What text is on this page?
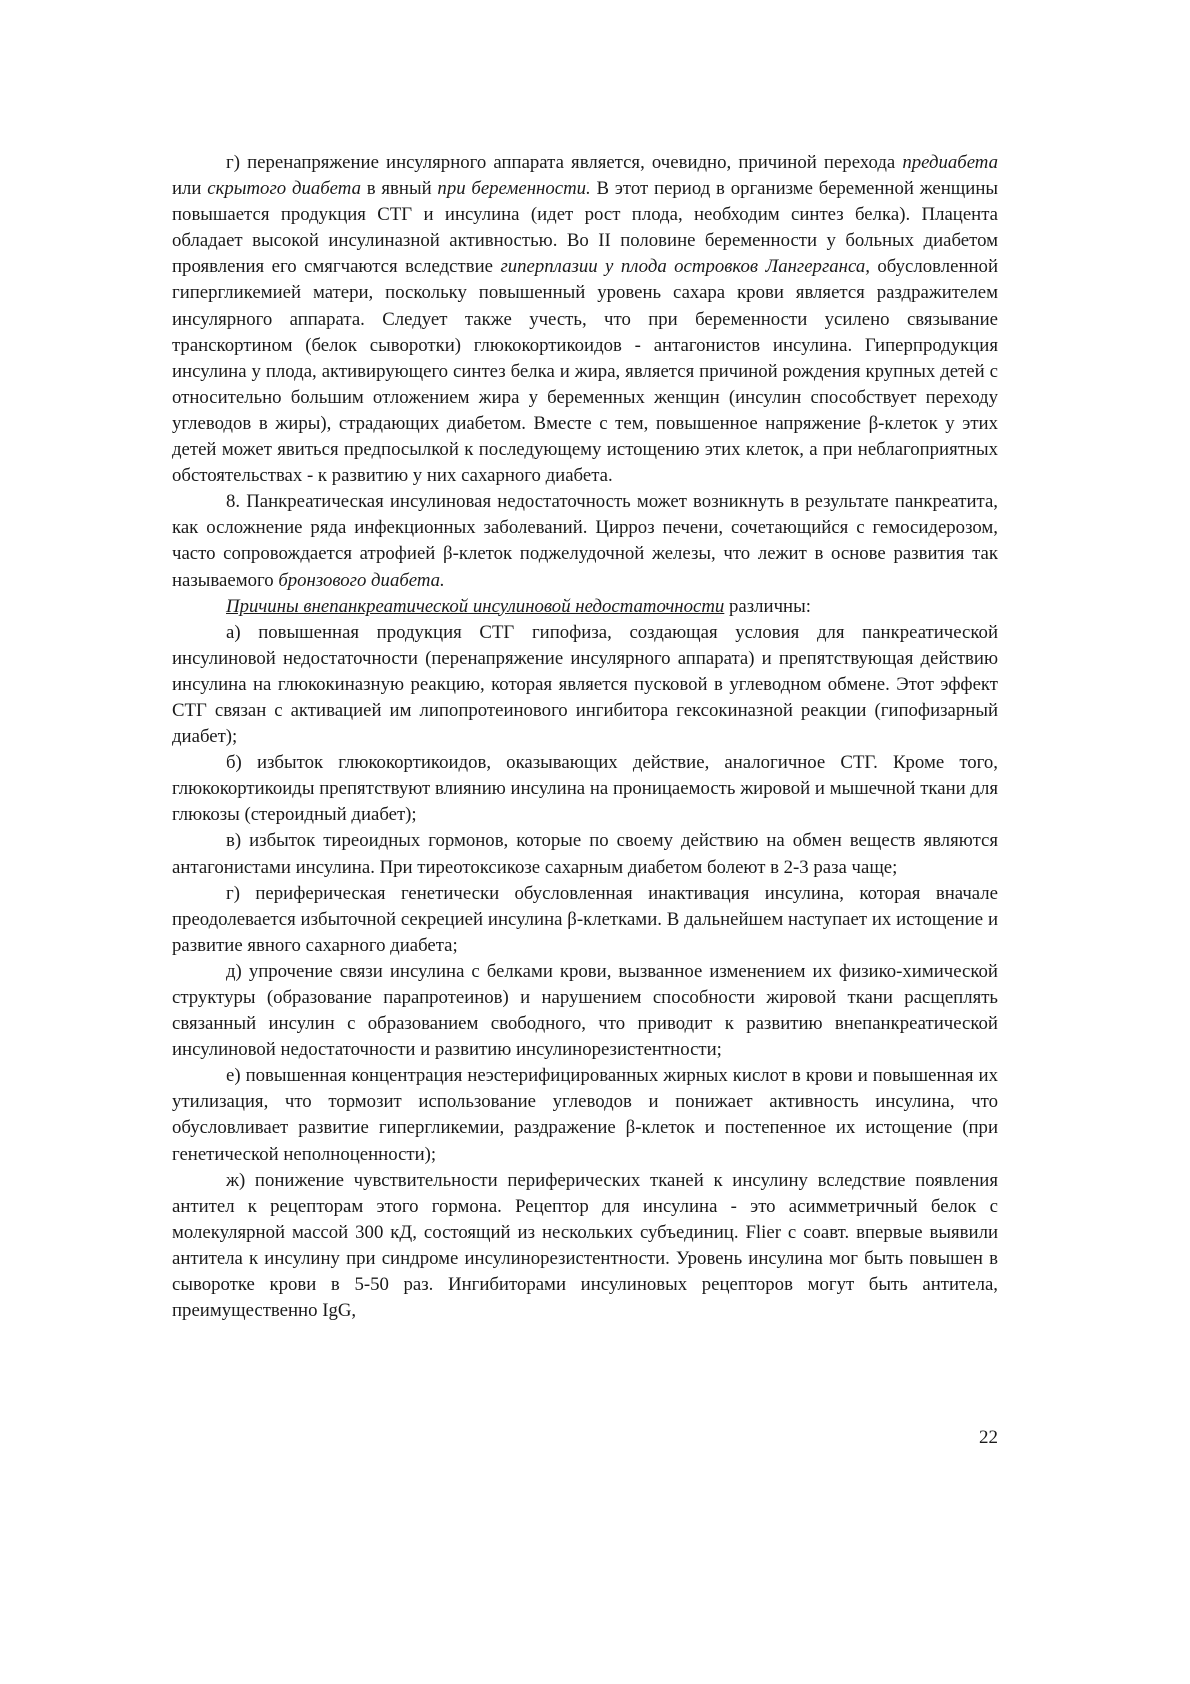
г) перенапряжение инсулярного аппарата является, очевидно, причиной перехода предиабета или скрытого диабета в явный при беременности. В этот период в организме беременной женщины повышается продукция СТГ и инсулина (идет рост плода, необходим синтез белка). Плацента обладает высокой инсулиназной активностью. Во II половине беременности у больных диабетом проявления его смягчаются вследствие гиперплазии у плода островков Лангерганса, обусловленной гипергликемией матери, поскольку повышенный уровень сахара крови является раздражителем инсулярного аппарата. Следует также учесть, что при беременности усилено связывание транскортином (белок сыворотки) глюкокортикоидов - антагонистов инсулина. Гиперпродукция инсулина у плода, активирующего синтез белка и жира, является причиной рождения крупных детей с относительно большим отложением жира у беременных женщин (инсулин способствует переходу углеводов в жиры), страдающих диабетом. Вместе с тем, повышенное напряжение β-клеток у этих детей может явиться предпосылкой к последующему истощению этих клеток, а при неблагоприятных обстоятельствах - к развитию у них сахарного диабета.

8. Панкреатическая инсулиновая недостаточность может возникнуть в результате панкреатита, как осложнение ряда инфекционных заболеваний. Цирроз печени, сочетающийся с гемосидерозом, часто сопровождается атрофией β-клеток поджелудочной железы, что лежит в основе развития так называемого бронзового диабета.

Причины внепанкреатической инсулиновой недостаточности различны:

а) повышенная продукция СТГ гипофиза, создающая условия для панкреатической инсулиновой недостаточности (перенапряжение инсулярного аппарата) и препятствующая действию инсулина на глюкокиназную реакцию, которая является пусковой в углеводном обмене. Этот эффект СТГ связан с активацией им липопротеинового ингибитора гексокиназной реакции (гипофизарный диабет);

б) избыток глюкокортикоидов, оказывающих действие, аналогичное СТГ. Кроме того, глюкокортикоиды препятствуют влиянию инсулина на проницаемость жировой и мышечной ткани для глюкозы (стероидный диабет);

в) избыток тиреоидных гормонов, которые по своему действию на обмен веществ являются антагонистами инсулина. При тиреотоксикозе сахарным диабетом болеют в 2-3 раза чаще;

г) периферическая генетически обусловленная инактивация инсулина, которая вначале преодолевается избыточной секрецией инсулина β-клетками. В дальнейшем наступает их истощение и развитие явного сахарного диабета;

д) упрочение связи инсулина с белками крови, вызванное изменением их физико-химической структуры (образование парапротеинов) и нарушением способности жировой ткани расщеплять связанный инсулин с образованием свободного, что приводит к развитию внепанкреатической инсулиновой недостаточности и развитию инсулинорезистентности;

е) повышенная концентрация неэстерифицированных жирных кислот в крови и повышенная их утилизация, что тормозит использование углеводов и понижает активность инсулина, что обусловливает развитие гипергликемии, раздражение β-клеток и постепенное их истощение (при генетической неполноценности);

ж) понижение чувствительности периферических тканей к инсулину вследствие появления антител к рецепторам этого гормона. Рецептор для инсулина - это асимметричный белок с молекулярной массой 300 кД, состоящий из нескольких субъединиц. Flier с соавт. впервые выявили антитела к инсулину при синдроме инсулинорезистентности. Уровень инсулина мог быть повышен в сыворотке крови в 5-50 раз. Ингибиторами инсулиновых рецепторов могут быть антитела, преимущественно IgG,

22
